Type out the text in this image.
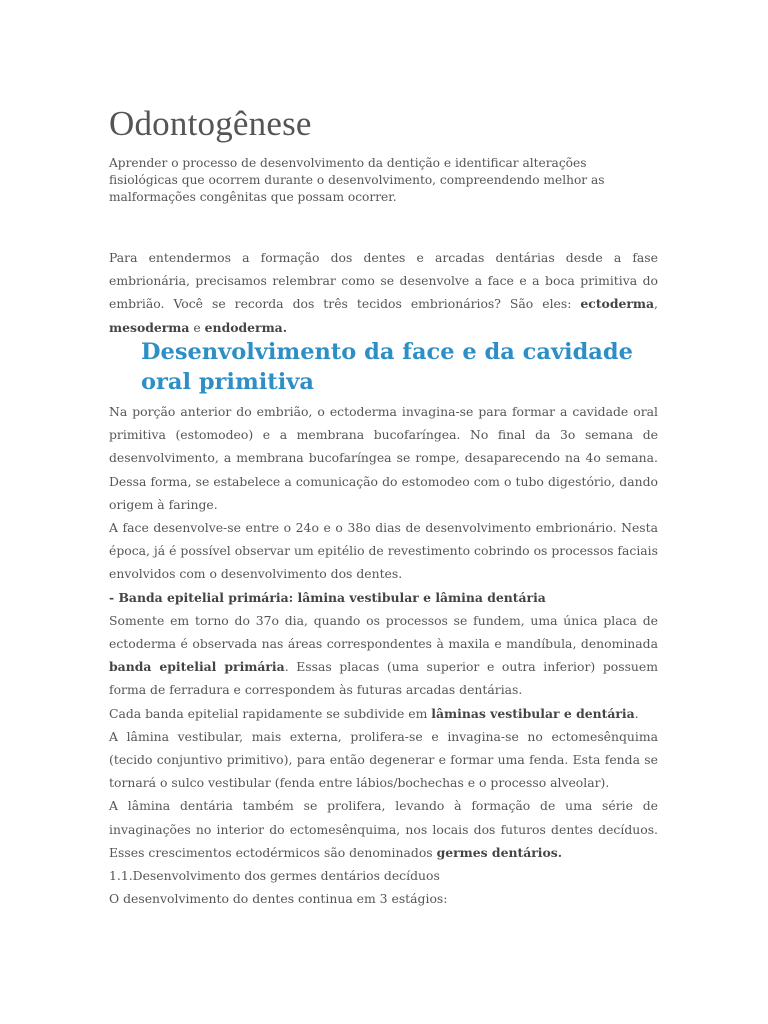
Odontogênese

Aprender o processo de desenvolvimento da dentição e identificar alterações fisiológicas que ocorrem durante o desenvolvimento, compreendendo melhor as malformações congênitas que possam ocorrer.

Para entendermos a formação dos dentes e arcadas dentárias desde a fase embrionária, precisamos relembrar como se desenvolve a face e a boca primitiva do embrião. Você se recorda dos três tecidos embrionários? São eles: ectoderma, mesoderma e endoderma.

Desenvolvimento da face e da cavidade oral primitiva
Na porção anterior do embrião, o ectoderma invagina-se para formar a cavidade oral primitiva (estomodeo) e a membrana bucofaríngea. No final da 3o semana de desenvolvimento, a membrana bucofaríngea se rompe, desaparecendo na 4o semana. Dessa forma, se estabelece a comunicação do estomodeo com o tubo digestório, dando origem à faringe.
A face desenvolve-se entre o 24o e o 38o dias de desenvolvimento embrionário. Nesta época, já é possível observar um epitélio de revestimento cobrindo os processos faciais envolvidos com o desenvolvimento dos dentes.
- Banda epitelial primária: lâmina vestibular e lâmina dentária
Somente em torno do 37o dia, quando os processos se fundem, uma única placa de ectoderma é observada nas áreas correspondentes à maxila e mandíbula, denominada banda epitelial primária. Essas placas (uma superior e outra inferior) possuem forma de ferradura e correspondem às futuras arcadas dentárias.
Cada banda epitelial rapidamente se subdivide em lâminas vestibular e dentária.
A lâmina vestibular, mais externa, prolifera-se e invagina-se no ectomesênquima (tecido conjuntivo primitivo), para então degenerar e formar uma fenda. Esta fenda se tornará o sulco vestibular (fenda entre lábios/bochechas e o processo alveolar).
A lâmina dentária também se prolifera, levando à formação de uma série de invaginações no interior do ectomesênquima, nos locais dos futuros dentes decíduos. Esses crescimentos ectodérmicos são denominados germes dentários.
1.1.Desenvolvimento dos germes dentários decíduos
O desenvolvimento do dentes continua em 3 estágios:
